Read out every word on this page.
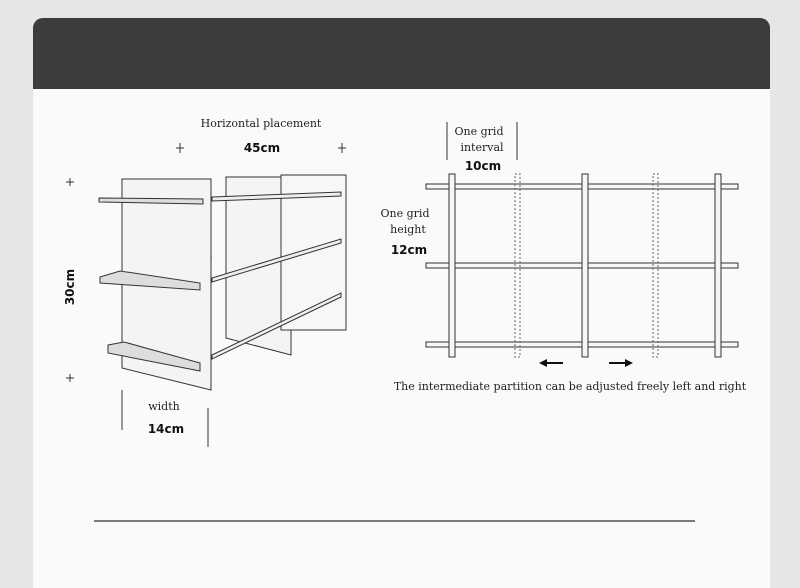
Horizontal placement
45cm
30cm
width
14cm
One grid
interval
10cm
One grid
height
12cm
The intermediate partition can be adjusted freely left and right
